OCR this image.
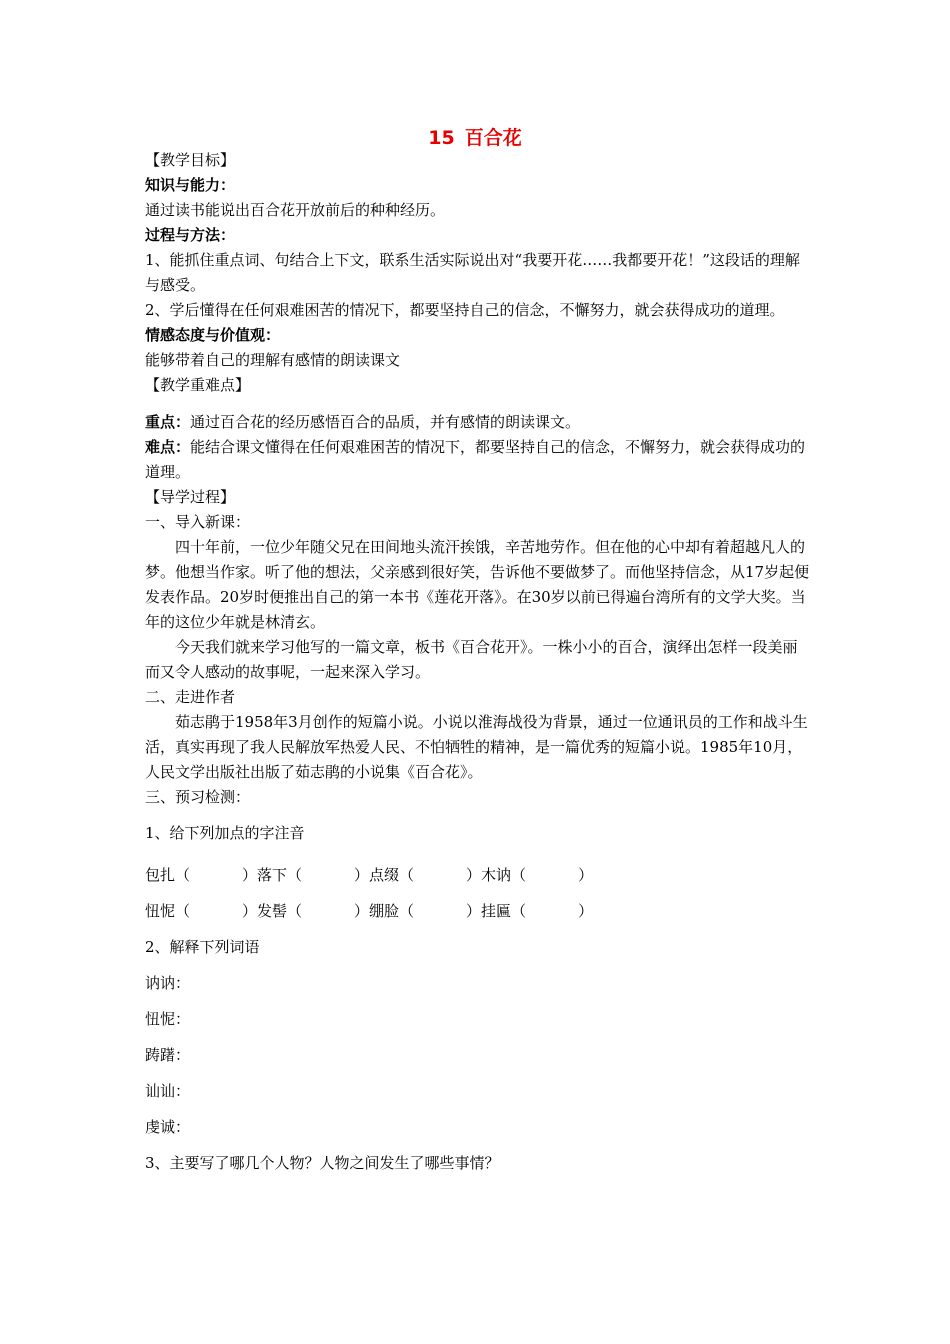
15 百合花
【教学目标】
知识与能力：
通过读书能说出百合花开放前后的种种经历。
过程与方法：
1、能抓住重点词、句结合上下文，联系生活实际说出对“我要开花……我都要开花！”这段话的理解与感受。
2、学后懂得在任何艰难困苦的情况下，都要坚持自己的信念，不懈努力，就会获得成功的道理。
情感态度与价值观：
能够带着自己的理解有感情的朗读课文
【教学重难点】
重点：通过百合花的经历感悟百合的品质，并有感情的朗读课文。
难点：能结合课文懂得在任何艰难困苦的情况下，都要坚持自己的信念，不懈努力，就会获得成功的道理。
【导学过程】
一、导入新课：
四十年前，一位少年随父兄在田间地头流汗挨饿，辛苦地劳作。但在他的心中却有着超越凡人的梦。他想当作家。听了他的想法，父亲感到很好笑，告诉他不要做梦了。而他坚持信念，从17岁起便发表作品。20岁时便推出自己的第一本书《莲花开落》。在30岁以前已得遍台湾所有的文学大奖。当年的这位少年就是林清玄。
今天我们就来学习他写的一篇文章，板书《百合花开》。一株小小的百合，演绎出怎样一段美丽而又令人感动的故事呢，一起来深入学习。
二、走进作者
茹志鹃于1958年3月创作的短篇小说。小说以淮海战役为背景，通过一位通讯员的工作和战斗生活，真实再现了我人民解放军热爱人民、不怕牺牲的精神，是一篇优秀的短篇小说。1985年10月，人民文学出版社出版了茹志鹃的小说集《百合花》。
三、预习检测：
1、给下列加点的字注音
包扎（	）落下（	）点缀（	）木讷（	）
忸怩（	）发髻（	）绷脸（	）挂匾（	）
2、解释下列词语
讷讷：
忸怩：
踌躇：
讪讪：
虔诚：
3、主要写了哪几个人物？人物之间发生了哪些事情？
